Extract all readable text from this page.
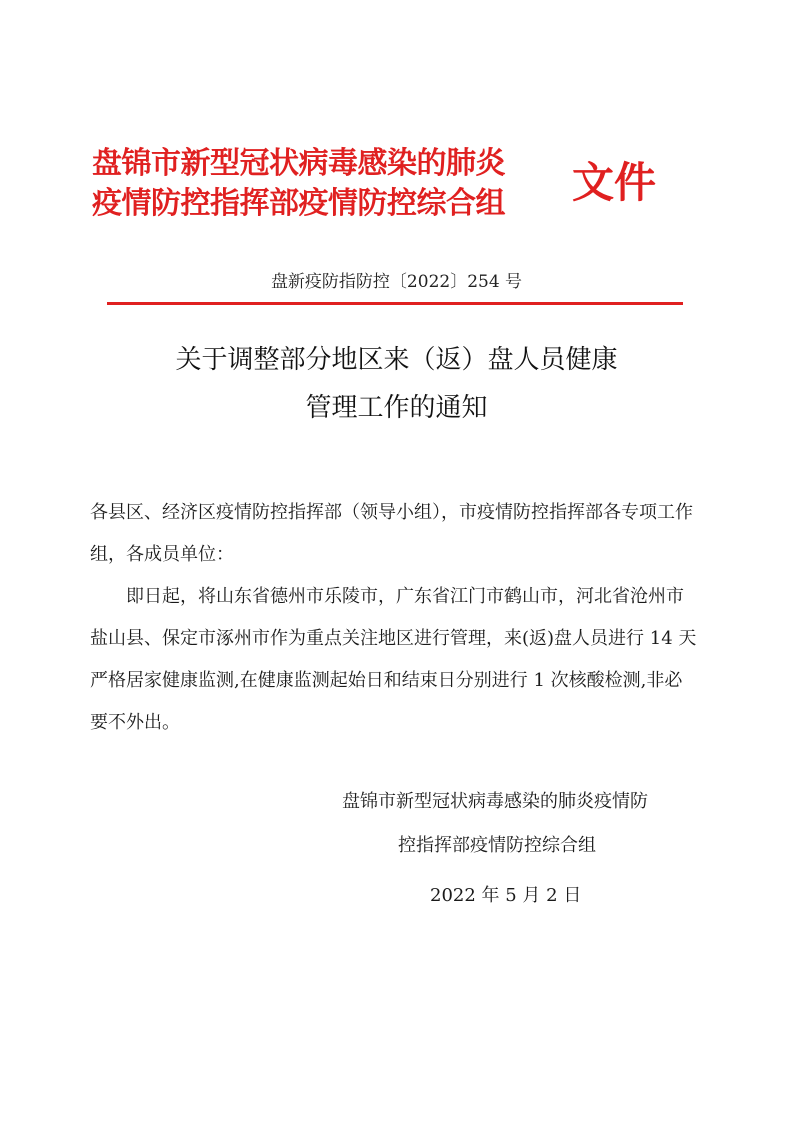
盘锦市新型冠状病毒感染的肺炎
疫情防控指挥部疫情防控综合组 文件
盘新疫防指防控〔2022〕254 号
关于调整部分地区来（返）盘人员健康
管理工作的通知
各县区、经济区疫情防控指挥部（领导小组），市疫情防控指挥部各专项工作组，各成员单位：
即日起，将山东省德州市乐陵市，广东省江门市鹤山市，河北省沧州市盐山县、保定市涿州市作为重点关注地区进行管理，来(返)盘人员进行 14 天严格居家健康监测,在健康监测起始日和结束日分别进行 1 次核酸检测,非必要不外出。
盘锦市新型冠状病毒感染的肺炎疫情防
控指挥部疫情防控综合组
2022 年 5 月 2 日
